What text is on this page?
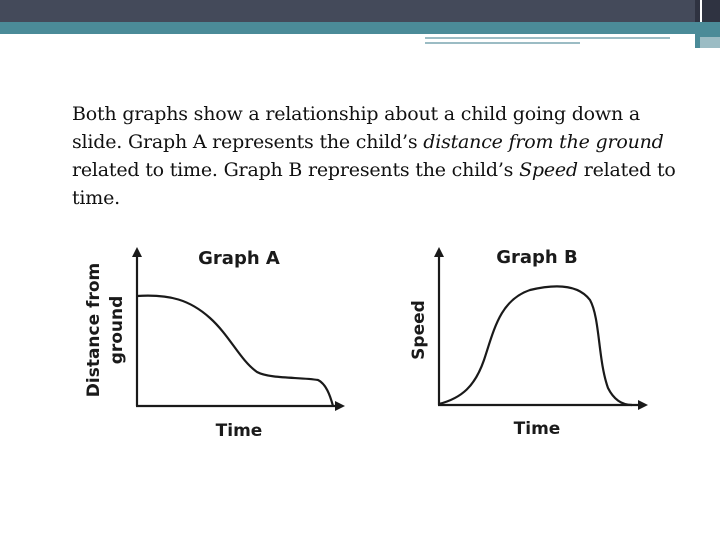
Both graphs show a relationship about a child going down a slide. Graph A represents the child’s distance from the ground related to time. Graph B represents the child’s Speed related to time.
Graph A
Distance from ground
Time
Graph B
Speed
Time
